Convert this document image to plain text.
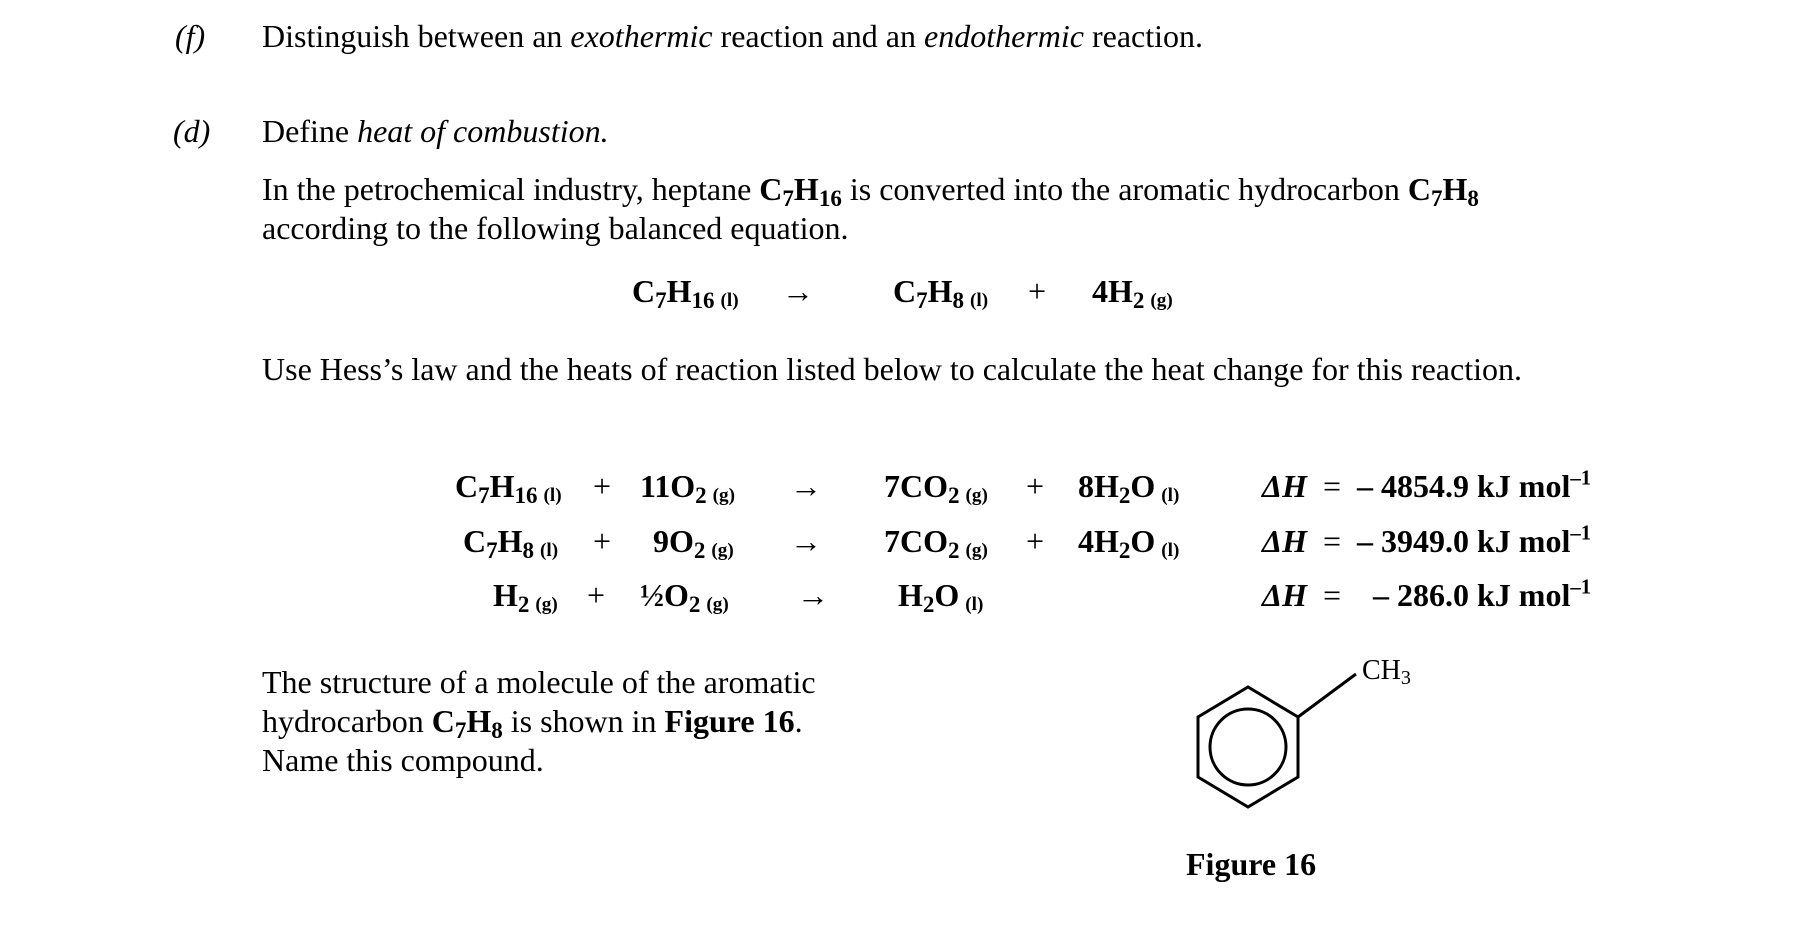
(f) Distinguish between an exothermic reaction and an endothermic reaction.
(d) Define heat of combustion.
In the petrochemical industry, heptane $C_7H_{16}$ is converted into the aromatic hydrocarbon $C_7H_8$
according to the following balanced equation.
$C_7H_{16}$ $(l) \to C_7H_8$ $(l) + 4H_2$ (g)
Use Hess’s law and the heats of reaction listed below to calculate the heat change for this reaction.
$C_7H_{16}$ $(l) + 11O_2$ $(g) \to 7CO_2$ $(g) + 8H_2O$ (l)	ΔH = – 4854.9 kJ mol$^{-1}$
$C_7H_8$ $(l) + 9O_2$ $(g) \to 7CO_2$ $(g) + 4H_2O$ (l)	ΔH = – 3949.0 kJ mol$^{-1}$
$H_2$ $(g) + \frac{1}{2}O_2$ $(g) \to H_2O$ (l)	ΔH = – 286.0 kJ mol$^{-1}$
The structure of a molecule of the aromatic
hydrocarbon $C_7H_8$ is shown in Figure 16.
Name this compound.
$CH_3$
Figure 16
